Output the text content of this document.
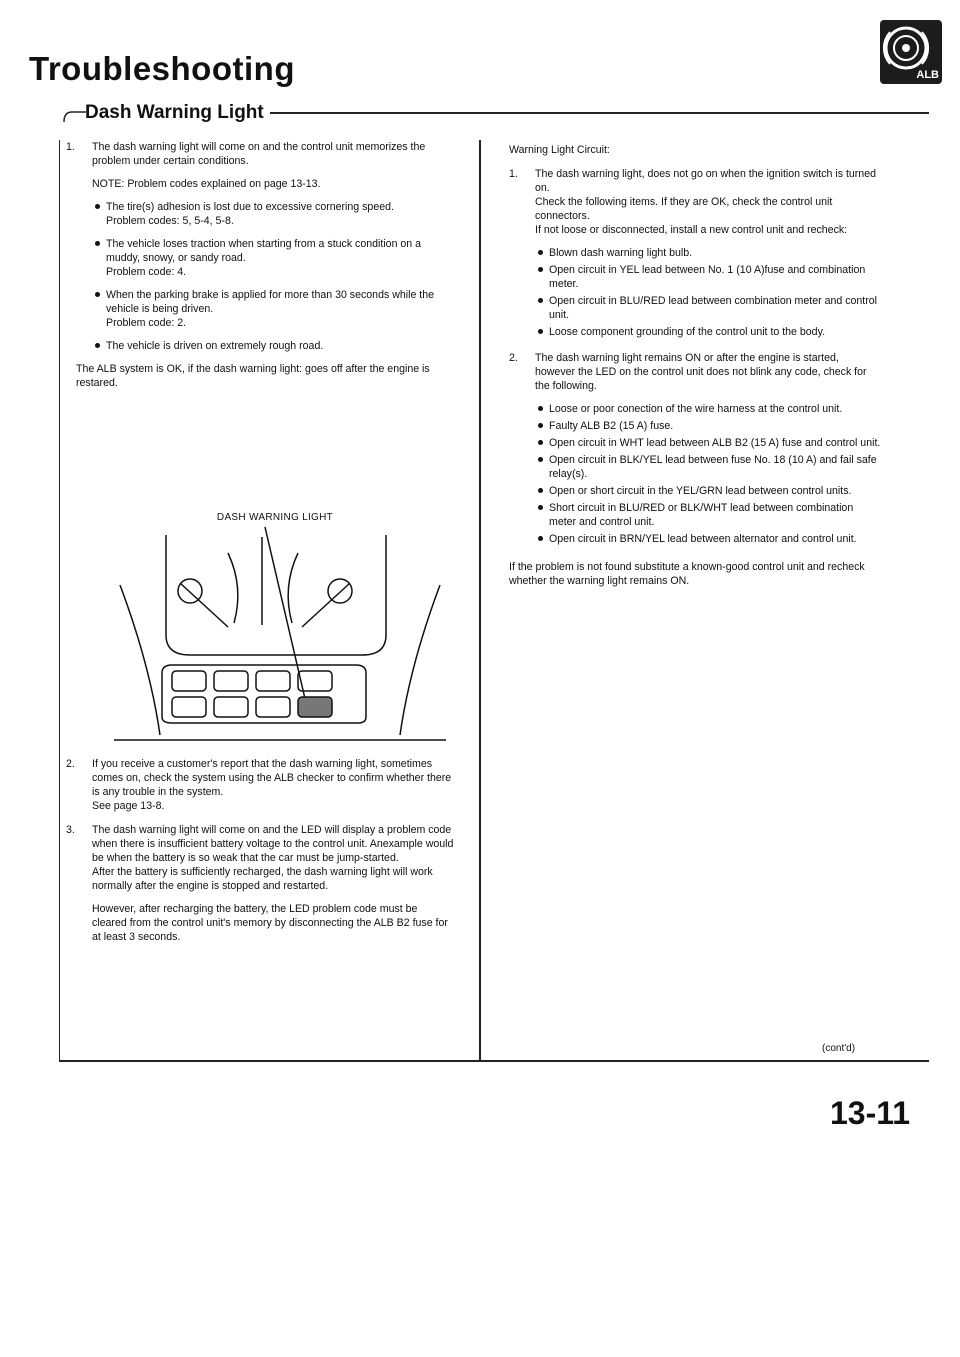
Troubleshooting	ALB
Dash Warning Light
1. The dash warning light will come on and the control unit memorizes the problem under certain conditions.

NOTE: Problem codes explained on page 13-13.

The tire(s) adhesion is lost due to excessive cornering speed.
Problem codes: 5, 5-4, 5-8.

The vehicle loses traction when starting from a stuck condition on a muddy, snowy, or sandy road.
Problem code: 4.

When the parking brake is applied for more than 30 seconds while the vehicle is being driven.
Problem code: 2.

The vehicle is driven on extremely rough road.

The ALB system is OK, if the dash warning light: goes off after the engine is restared.

DASH WARNING LIGHT
2. If you receive a customer's report that the dash warning light, sometimes comes on, check the system using the ALB checker to confirm whether there is any trouble in the system.
See page 13-8.

3. The dash warning light will come on and the LED will display a problem code when there is insufficient battery voltage to the control unit. Anexample would be when the battery is so weak that the car must be jump-started.
After the battery is sufficiently recharged, the dash warning light will work normally after the engine is stopped and restarted.

However, after recharging the battery, the LED problem code must be cleared from the control unit's memory by disconnecting the ALB B2 fuse for at least 3 seconds.

Warning Light Circuit:

1. The dash warning light, does not go on when the ignition switch is turned on.
Check the following items. If they are OK, check the control unit connectors.
If not loose or disconnected, install a new control unit and recheck:

Blown dash warning light bulb.

Open circuit in YEL lead between No. 1 (10 A)fuse and combination meter.

Open circuit in BLU/RED lead between combination meter and control unit.

Loose component grounding of the control unit to the body.

2. The dash warning light remains ON or after the engine is started, however the LED on the control unit does not blink any code, check for the following.

Loose or poor conection of the wire harness at the control unit.

Faulty ALB B2 (15 A) fuse.

Open circuit in WHT lead between ALB B2 (15 A) fuse and control unit.

Open circuit in BLK/YEL lead between fuse No. 18 (10 A) and fail safe relay(s).

Open or short circuit in the YEL/GRN lead between control units.

Short circuit in BLU/RED or BLK/WHT lead between combination meter and control unit.

Open circuit in BRN/YEL lead between alternator and control unit.

If the problem is not found substitute a known-good control unit and recheck whether the warning light remains ON.

(cont'd)
13-11
